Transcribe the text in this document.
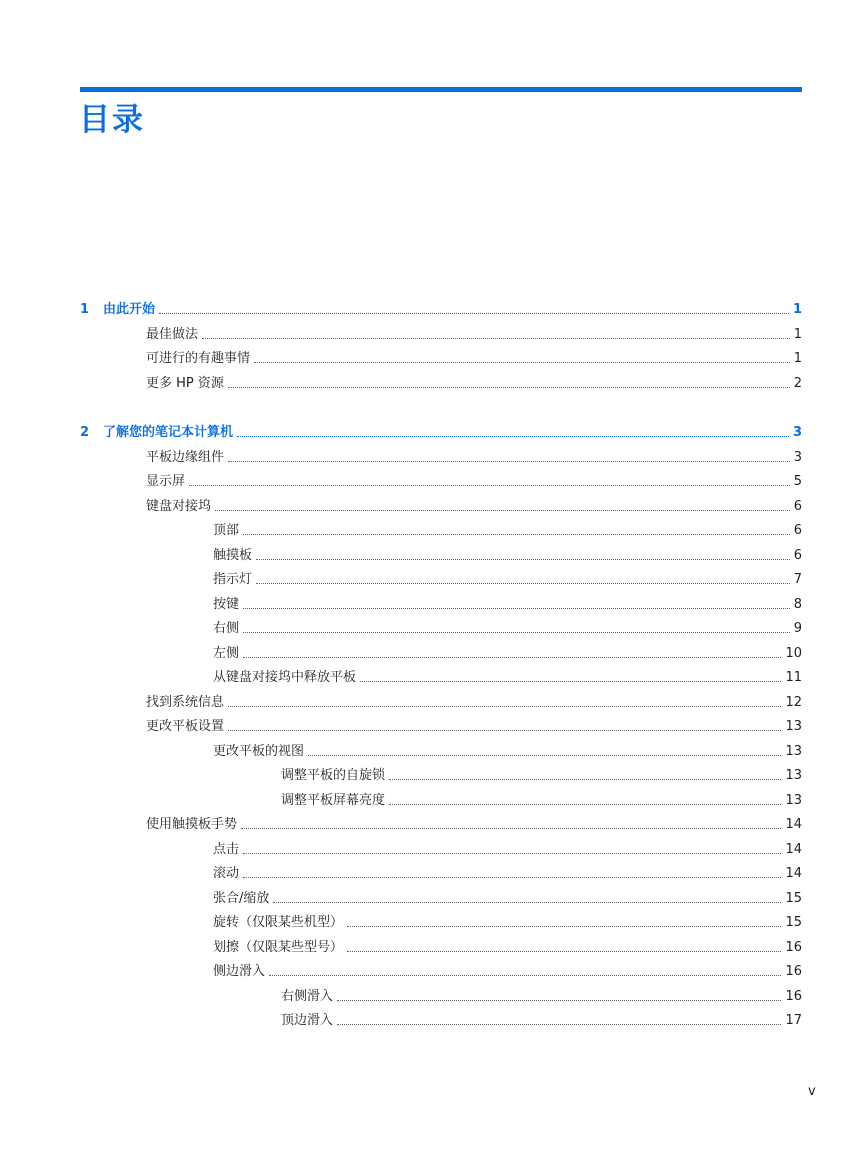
目录
1	由此开始	1
最佳做法	1
可进行的有趣事情	1
更多 HP 资源	2
2	了解您的笔记本计算机	3
平板边缘组件	3
显示屏	5
键盘对接坞	6
顶部	6
触摸板	6
指示灯	7
按键	8
右侧	9
左侧	10
从键盘对接坞中释放平板	11
找到系统信息	12
更改平板设置	13
更改平板的视图	13
调整平板的自旋锁	13
调整平板屏幕亮度	13
使用触摸板手势	14
点击	14
滚动	14
张合/缩放	15
旋转（仅限某些机型）	15
划擦（仅限某些型号）	16
侧边滑入	16
右侧滑入	16
顶边滑入	17
v
